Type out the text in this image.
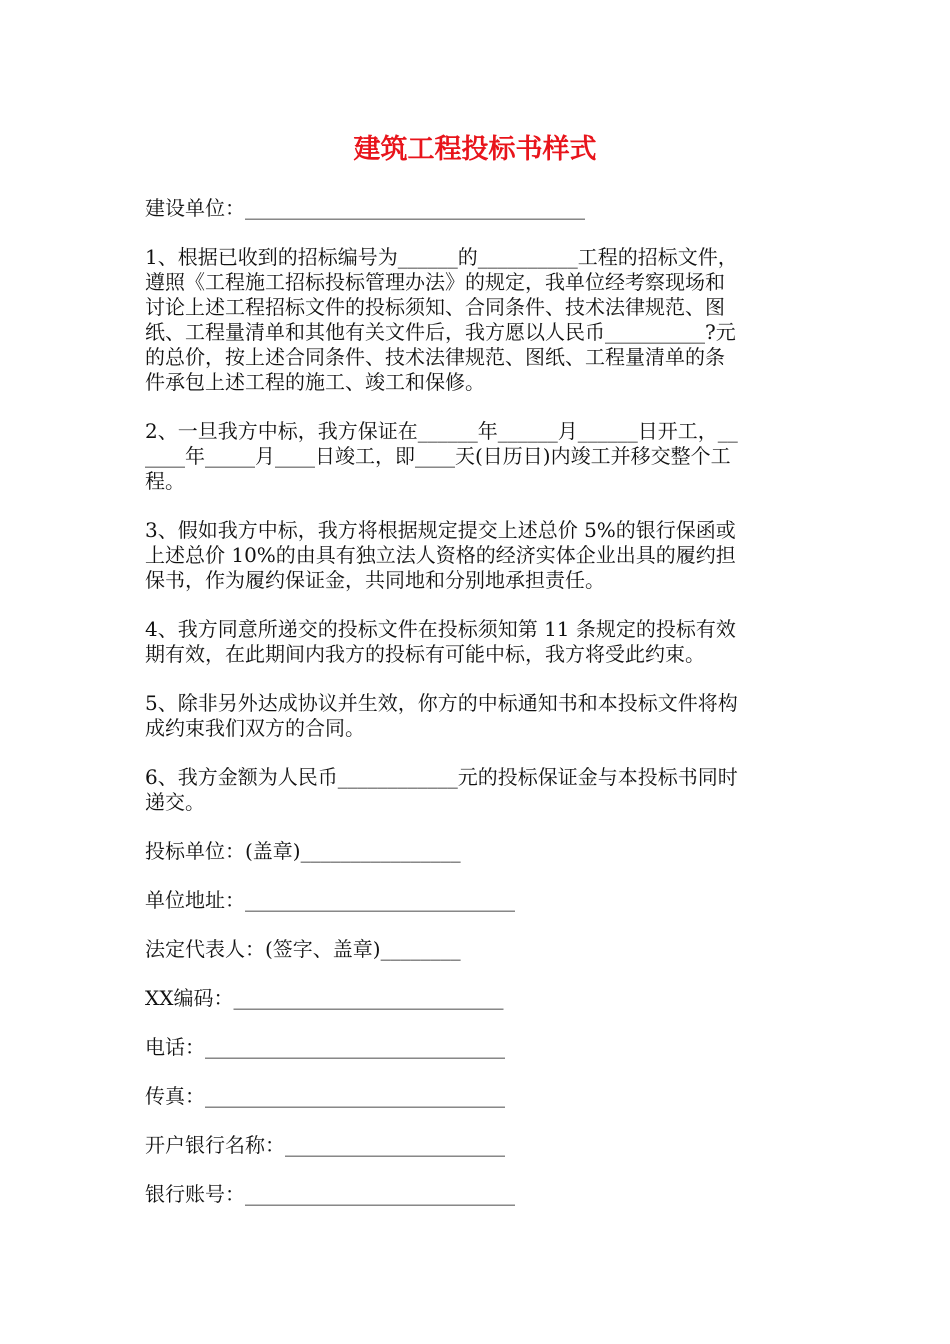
建筑工程投标书样式
建设单位：__________________________________
1、根据已收到的招标编号为______的__________工程的招标文件，
遵照《工程施工招标投标管理办法》的规定，我单位经考察现场和
讨论上述工程招标文件的投标须知、合同条件、技术法律规范、图
纸、工程量清单和其他有关文件后，我方愿以人民币__________?元
的总价，按上述合同条件、技术法律规范、图纸、工程量清单的条
件承包上述工程的施工、竣工和保修。
2、一旦我方中标，我方保证在______年______月______日开工，__
____年_____月____日竣工，即____天(日历日)内竣工并移交整个工
程。
3、假如我方中标，我方将根据规定提交上述总价 5%的银行保函或
上述总价 10%的由具有独立法人资格的经济实体企业出具的履约担
保书，作为履约保证金，共同地和分别地承担责任。
4、我方同意所递交的投标文件在投标须知第 11 条规定的投标有效
期有效，在此期间内我方的投标有可能中标，我方将受此约束。
5、除非另外达成协议并生效，你方的中标通知书和本投标文件将构
成约束我们双方的合同。
6、我方金额为人民币____________元的投标保证金与本投标书同时
递交。
投标单位：(盖章)________________
单位地址：___________________________
法定代表人：(签字、盖章)________
XX编码：___________________________
电话：______________________________
传真：______________________________
开户银行名称：______________________
银行账号：___________________________
